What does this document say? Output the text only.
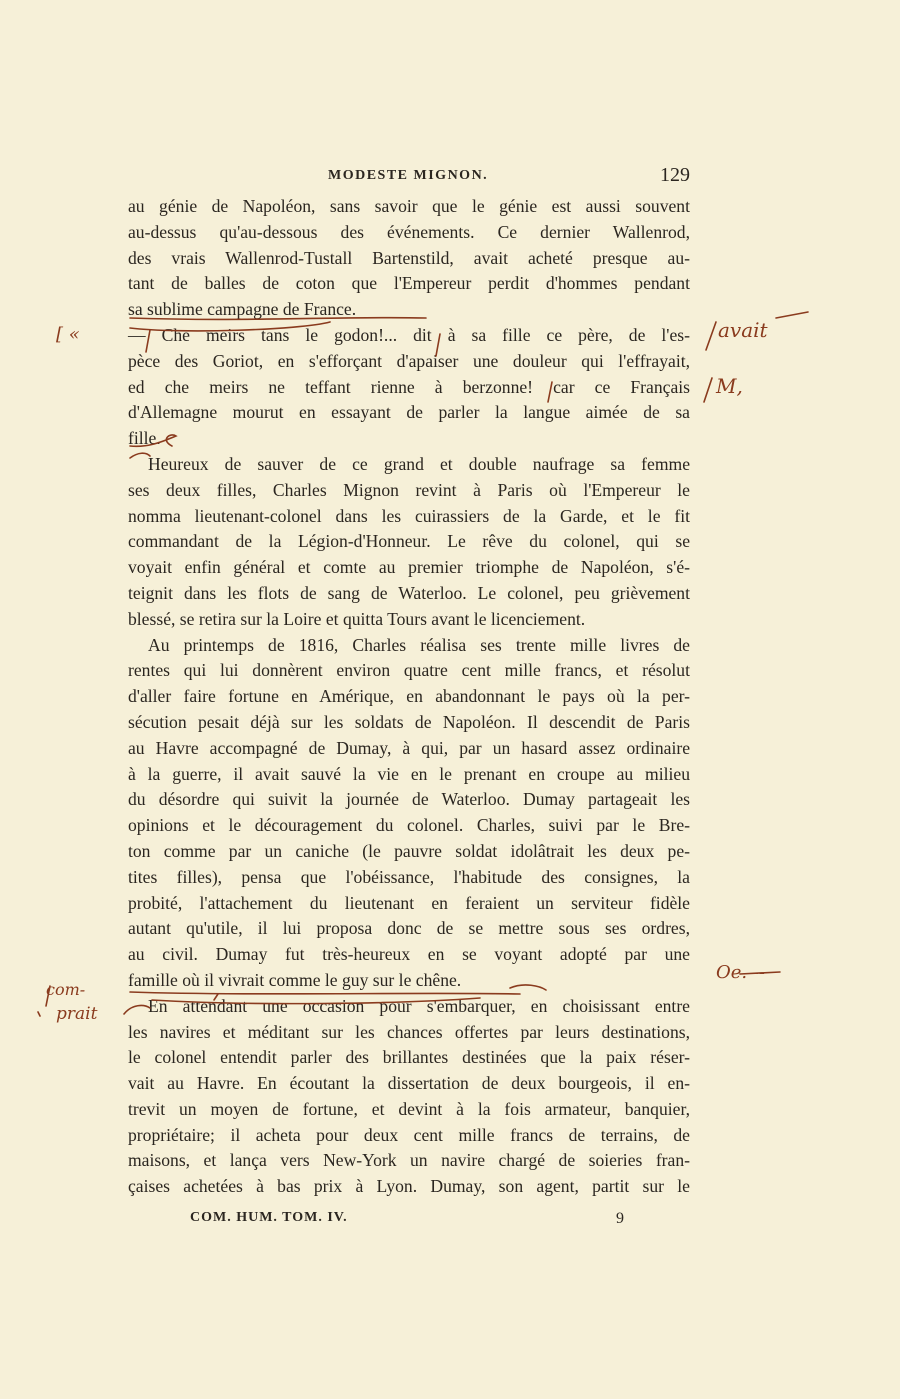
MODESTE MIGNON.	129
au génie de Napoléon, sans savoir que le génie est aussi souvent
au-dessus qu'au-dessous des événements. Ce dernier Wallenrod,
des vrais Wallenrod-Tustall Bartenstild, avait acheté presque au-
tant de balles de coton que l'Empereur perdit d'hommes pendant
sa sublime campagne de France.
— Che meirs tans le godon!... dit à sa fille ce père, de l'es-
pèce des Goriot, en s'efforçant d'apaiser une douleur qui l'effrayait,
ed che meirs ne teffant rienne à berzonne! car ce Français
d'Allemagne mourut en essayant de parler la langue aimée de sa
fille.
Heureux de sauver de ce grand et double naufrage sa femme
ses deux filles, Charles Mignon revint à Paris où l'Empereur le
nomma lieutenant-colonel dans les cuirassiers de la Garde, et le fit
commandant de la Légion-d'Honneur. Le rêve du colonel, qui se
voyait enfin général et comte au premier triomphe de Napoléon, s'é-
teignit dans les flots de sang de Waterloo. Le colonel, peu grièvement
blessé, se retira sur la Loire et quitta Tours avant le licenciement.
Au printemps de 1816, Charles réalisa ses trente mille livres de
rentes qui lui donnèrent environ quatre cent mille francs, et résolut
d'aller faire fortune en Amérique, en abandonnant le pays où la per-
sécution pesait déjà sur les soldats de Napoléon. Il descendit de Paris
au Havre accompagné de Dumay, à qui, par un hasard assez ordinaire
à la guerre, il avait sauvé la vie en le prenant en croupe au milieu
du désordre qui suivit la journée de Waterloo. Dumay partageait les
opinions et le découragement du colonel. Charles, suivi par le Bre-
ton comme par un caniche (le pauvre soldat idolâtrait les deux pe-
tites filles), pensa que l'obéissance, l'habitude des consignes, la
probité, l'attachement du lieutenant en feraient un serviteur fidèle
autant qu'utile, il lui proposa donc de se mettre sous ses ordres,
au civil. Dumay fut très-heureux en se voyant adopté par une
famille où il vivrait comme le guy sur le chêne.
En attendant une occasion pour s'embarquer, en choisissant entre
les navires et méditant sur les chances offertes par leurs destinations,
le colonel entendit parler des brillantes destinées que la paix réser-
vait au Havre. En écoutant la dissertation de deux bourgeois, il en-
trevit un moyen de fortune, et devint à la fois armateur, banquier,
propriétaire; il acheta pour deux cent mille francs de terrains, de
maisons, et lança vers New-York un navire chargé de soieries fran-
çaises achetées à bas prix à Lyon. Dumay, son agent, partit sur le
COM. HUM. TOM. IV.	9
[ «	avait
M,
com-
prait
Oe. --
